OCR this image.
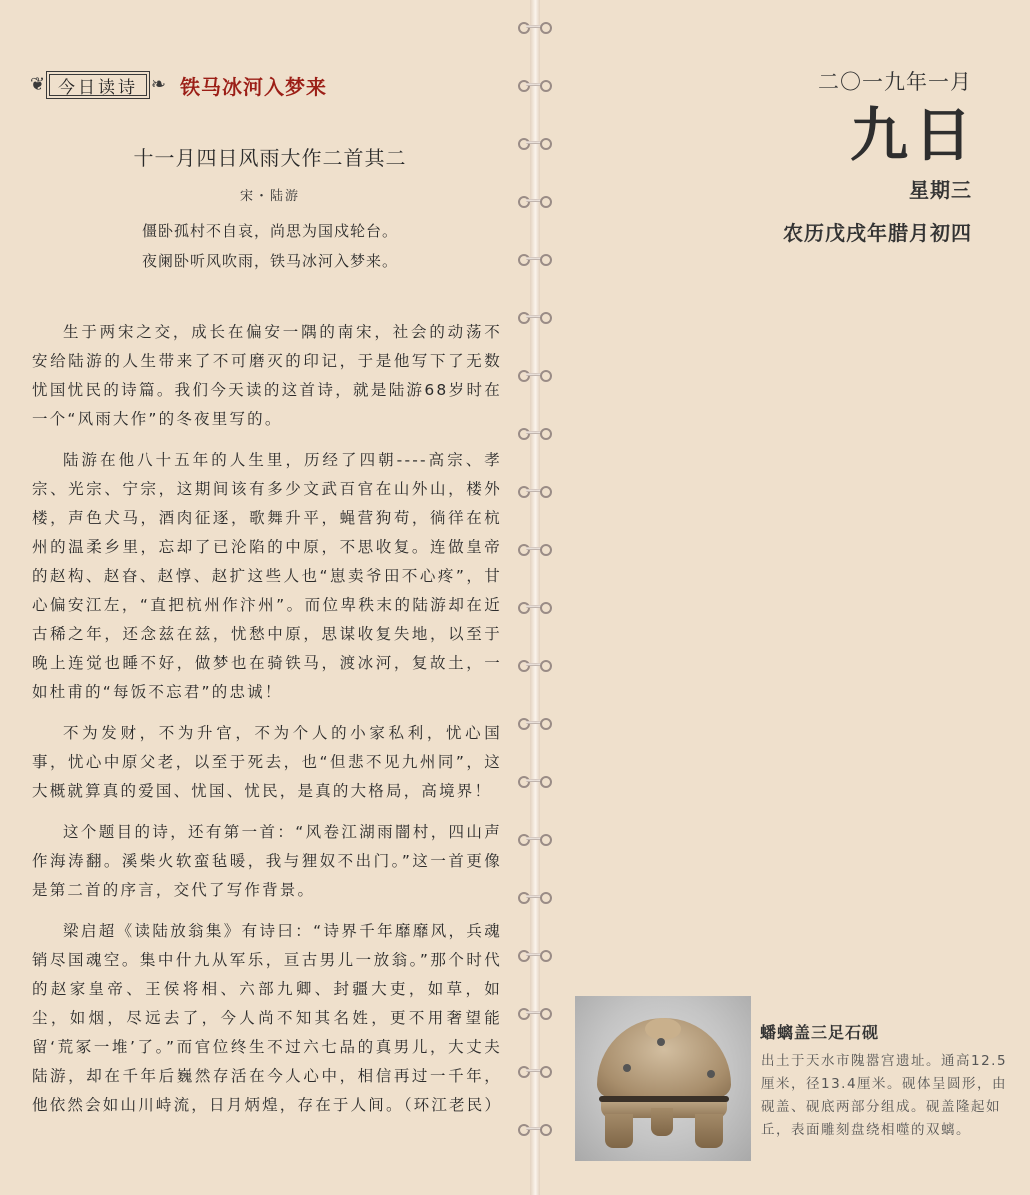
❦ 今日读诗 ❧ 铁马冰河入梦来
十一月四日风雨大作二首其二
宋・陆游
僵卧孤村不自哀，尚思为国戍轮台。
夜阑卧听风吹雨，铁马冰河入梦来。

生于两宋之交，成长在偏安一隅的南宋，社会的动荡不安给陆游的人生带来了不可磨灭的印记，于是他写下了无数忧国忧民的诗篇。我们今天读的这首诗，就是陆游68岁时在一个“风雨大作”的冬夜里写的。

陆游在他八十五年的人生里，历经了四朝----高宗、孝宗、光宗、宁宗，这期间该有多少文武百官在山外山，楼外楼，声色犬马，酒肉征逐，歌舞升平，蝇营狗苟，徜徉在杭州的温柔乡里，忘却了已沦陷的中原，不思收复。连做皇帝的赵构、赵昚、赵惇、赵扩这些人也“崽卖爷田不心疼”，甘心偏安江左，“直把杭州作汴州”。而位卑秩末的陆游却在近古稀之年，还念兹在兹，忧愁中原，思谋收复失地，以至于晚上连觉也睡不好，做梦也在骑铁马，渡冰河，复故土，一如杜甫的“每饭不忘君”的忠诚！

不为发财，不为升官，不为个人的小家私利，忧心国事，忧心中原父老，以至于死去，也“但悲不见九州同”，这大概就算真的爱国、忧国、忧民，是真的大格局，高境界！

这个题目的诗，还有第一首：“风卷江湖雨闇村，四山声作海涛翻。溪柴火软蛮毡暖，我与狸奴不出门。”这一首更像是第二首的序言，交代了写作背景。

梁启超《读陆放翁集》有诗曰：“诗界千年靡靡风，兵魂销尽国魂空。集中什九从军乐，亘古男儿一放翁。”那个时代的赵家皇帝、王侯将相、六部九卿、封疆大吏，如草，如尘，如烟，尽远去了，今人尚不知其名姓，更不用奢望能留‘荒冢一堆’了。”而官位终生不过六七品的真男儿，大丈夫陆游，却在千年后巍然存活在今人心中，相信再过一千年，他依然会如山川峙流，日月炳煌，存在于人间。（环江老民）

二〇一九年一月
九日
星期三
农历戊戌年腊月初四
蟠螭盖三足石砚
出土于天水市隗嚣宫遗址。通高12.5厘米，径13.4厘米。砚体呈圆形，由砚盖、砚底两部分组成。砚盖隆起如丘，表面雕刻盘绕相噬的双螭。
